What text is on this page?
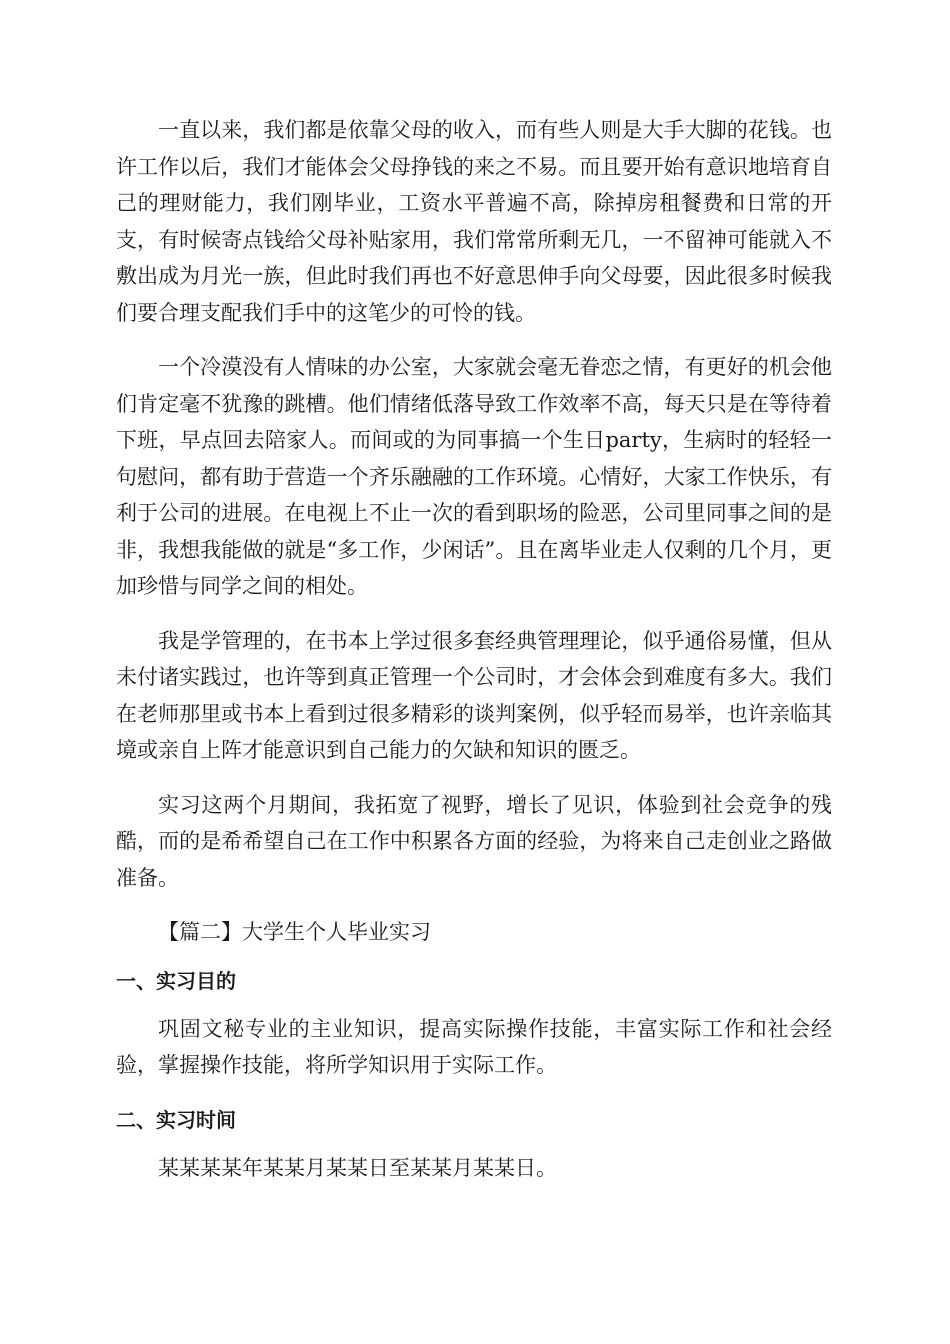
一直以来，我们都是依靠父母的收入，而有些人则是大手大脚的花钱。也许工作以后，我们才能体会父母挣钱的来之不易。而且要开始有意识地培育自己的理财能力，我们刚毕业，工资水平普遍不高，除掉房租餐费和日常的开支，有时候寄点钱给父母补贴家用，我们常常所剩无几，一不留神可能就入不敷出成为月光一族，但此时我们再也不好意思伸手向父母要，因此很多时候我们要合理支配我们手中的这笔少的可怜的钱。

一个冷漠没有人情味的办公室，大家就会毫无眷恋之情，有更好的机会他们肯定毫不犹豫的跳槽。他们情绪低落导致工作效率不高，每天只是在等待着下班，早点回去陪家人。而间或的为同事搞一个生日party，生病时的轻轻一句慰问，都有助于营造一个齐乐融融的工作环境。心情好，大家工作快乐，有利于公司的进展。在电视上不止一次的看到职场的险恶，公司里同事之间的是非，我想我能做的就是“多工作，少闲话”。且在离毕业走人仅剩的几个月，更加珍惜与同学之间的相处。

我是学管理的，在书本上学过很多套经典管理理论，似乎通俗易懂，但从未付诸实践过，也许等到真正管理一个公司时，才会体会到难度有多大。我们在老师那里或书本上看到过很多精彩的谈判案例，似乎轻而易举，也许亲临其境或亲自上阵才能意识到自己能力的欠缺和知识的匮乏。

实习这两个月期间，我拓宽了视野，增长了见识，体验到社会竞争的残酷，而的是希希望自己在工作中积累各方面的经验，为将来自己走创业之路做准备。

【篇二】大学生个人毕业实习

一、实习目的

巩固文秘专业的主业知识，提高实际操作技能，丰富实际工作和社会经验，掌握操作技能，将所学知识用于实际工作。

二、实习时间

某某某某年某某月某某日至某某月某某日。
